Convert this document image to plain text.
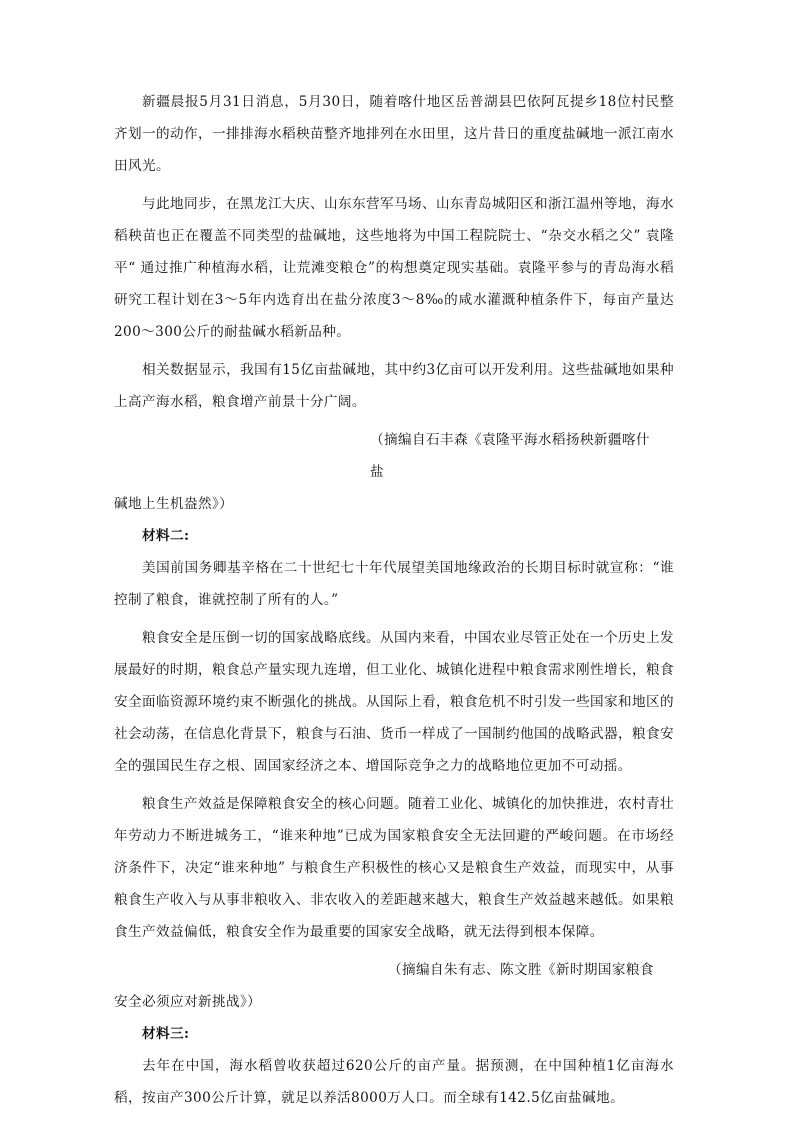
新疆晨报5月31日消息，5月30日，随着喀什地区岳普湖县巴依阿瓦提乡18位村民整齐划一的动作，一排排海水稻秧苗整齐地排列在水田里，这片昔日的重度盐碱地一派江南水田风光。

与此地同步，在黑龙江大庆、山东东营军马场、山东青岛城阳区和浙江温州等地，海水稻秧苗也正在覆盖不同类型的盐碱地，这些地将为中国工程院院士、“杂交水稻之父” 袁隆平“ 通过推广种植海水稻，让荒滩变粮仓”的构想奠定现实基础。袁隆平参与的青岛海水稻研究工程计划在3～5年内选育出在盐分浓度3～8‰的咸水灌溉种植条件下，每亩产量达200～300公斤的耐盐碱水稻新品种。

相关数据显示，我国有15亿亩盐碱地，其中约3亿亩可以开发利用。这些盐碱地如果种上高产海水稻，粮食增产前景十分广阔。

（摘编自石丰森《袁隆平海水稻扬秧新疆喀什　盐

碱地上生机盎然》）

材料二:

美国前国务卿基辛格在二十世纪七十年代展望美国地缘政治的长期目标时就宣称：“谁控制了粮食，谁就控制了所有的人。”

粮食安全是压倒一切的国家战略底线。从国内来看，中国农业尽管正处在一个历史上发展最好的时期，粮食总产量实现九连增，但工业化、城镇化进程中粮食需求刚性增长，粮食安全面临资源环境约束不断强化的挑战。从国际上看，粮食危机不时引发一些国家和地区的社会动荡，在信息化背景下，粮食与石油、货币一样成了一国制约他国的战略武器，粮食安全的强国民生存之根、固国家经济之本、增国际竞争之力的战略地位更加不可动摇。

粮食生产效益是保障粮食安全的核心问题。随着工业化、城镇化的加快推进，农村青壮年劳动力不断进城务工，“谁来种地”已成为国家粮食安全无法回避的严峻问题。在市场经济条件下，决定“谁来种地” 与粮食生产积极性的核心又是粮食生产效益，而现实中，从事粮食生产收入与从事非粮收入、非农收入的差距越来越大，粮食生产效益越来越低。如果粮食生产效益偏低，粮食安全作为最重要的国家安全战略，就无法得到根本保障。

（摘编自朱有志、陈文胜《新时期国家粮食

安全必须应对新挑战》）

材料三:

去年在中国，海水稻曾收获超过620公斤的亩产量。据预测，在中国种植1亿亩海水稻，按亩产300公斤计算，就足以养活8000万人口。而全球有142.5亿亩盐碱地。
